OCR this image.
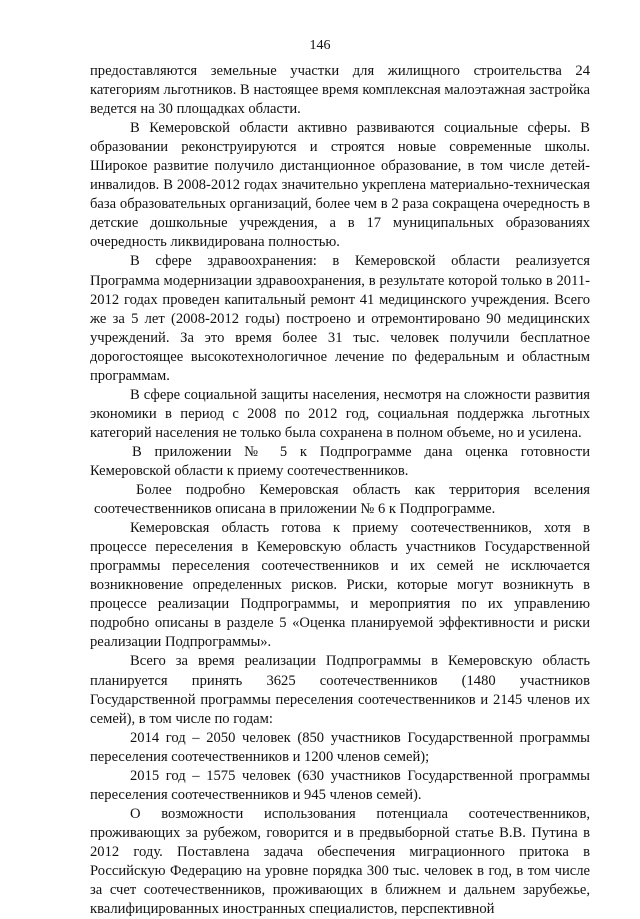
146

предоставляются земельные участки для жилищного строительства 24 категориям льготников. В настоящее время комплексная малоэтажная застройка ведется на 30 площадках области.

В Кемеровской области активно развиваются социальные сферы. В образовании реконструируются и строятся новые современные школы. Широкое развитие получило дистанционное образование, в том числе детей-инвалидов. В 2008-2012 годах значительно укреплена материально-техническая база образовательных организаций, более чем в 2 раза сокращена очередность в детские дошкольные учреждения, а в 17 муниципальных образованиях очередность ликвидирована полностью.

В сфере здравоохранения: в Кемеровской области реализуется Программа модернизации здравоохранения, в результате которой только в 2011-2012 годах проведен капитальный ремонт 41 медицинского учреждения. Всего же за 5 лет (2008-2012 годы) построено и отремонтировано 90 медицинских учреждений. За это время более 31 тыс. человек получили бесплатное дорогостоящее высокотехнологичное лечение по федеральным и областным программам.

В сфере социальной защиты населения, несмотря на сложности развития экономики в период с 2008 по 2012 год, социальная поддержка льготных категорий населения не только была сохранена в полном объеме, но и усилена.

В приложении № 5 к Подпрограмме дана оценка готовности Кемеровской области к приему соотечественников.

Более подробно Кемеровская область как территория вселения соотечественников описана в приложении № 6 к Подпрограмме.

Кемеровская область готова к приему соотечественников, хотя в процессе переселения в Кемеровскую область участников Государственной программы переселения соотечественников и их семей не исключается возникновение определенных рисков. Риски, которые могут возникнуть в процессе реализации Подпрограммы, и мероприятия по их управлению подробно описаны в разделе 5 «Оценка планируемой эффективности и риски реализации Подпрограммы».

Всего за время реализации Подпрограммы в Кемеровскую область планируется принять 3625 соотечественников (1480 участников Государственной программы переселения соотечественников и 2145 членов их семей), в том числе по годам:

2014 год – 2050 человек (850 участников Государственной программы переселения соотечественников и 1200 членов семей);

2015 год – 1575 человек (630 участников Государственной программы переселения соотечественников и 945 членов семей).

О возможности использования потенциала соотечественников, проживающих за рубежом, говорится и в предвыборной статье В.В. Путина в 2012 году. Поставлена задача обеспечения миграционного притока в Российскую Федерацию на уровне порядка 300 тыс. человек в год, в том числе за счет соотечественников, проживающих в ближнем и дальнем зарубежье, квалифицированных иностранных специалистов, перспективной
